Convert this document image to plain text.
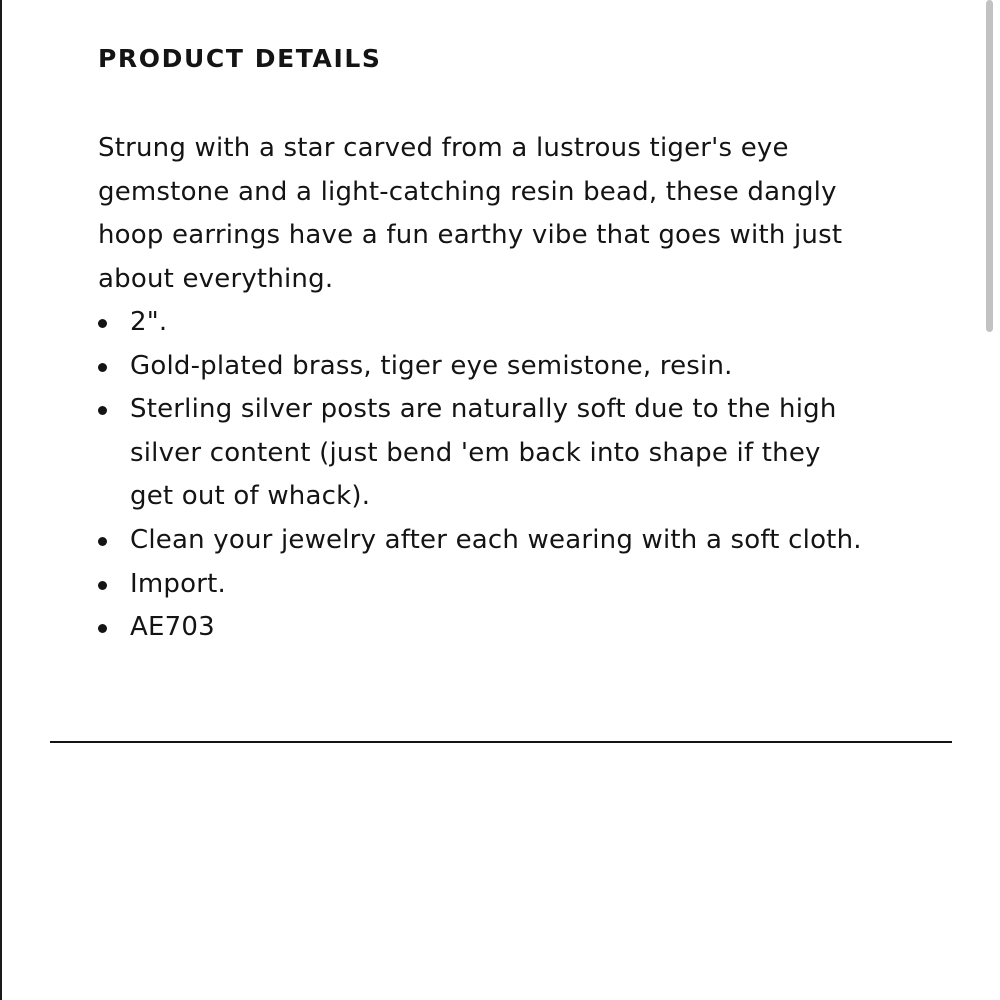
PRODUCT DETAILS

Strung with a star carved from a lustrous tiger's eye gemstone and a light-catching resin bead, these dangly hoop earrings have a fun earthy vibe that goes with just about everything.

2".
Gold-plated brass, tiger eye semistone, resin.
Sterling silver posts are naturally soft due to the high silver content (just bend 'em back into shape if they get out of whack).
Clean your jewelry after each wearing with a soft cloth.
Import.
AE703
